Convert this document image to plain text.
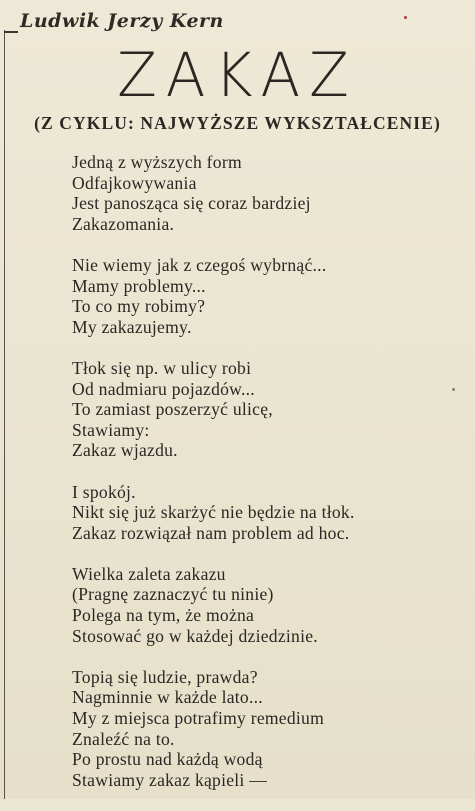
Ludwik Jerzy Kern
ZAKAZ
(Z CYKLU: NAJWYŻSZE WYKSZTAŁCENIE)
Jedną z wyższych form
Odfajkowywania
Jest panosząca się coraz bardziej
Zakazomania.
Nie wiemy jak z czegoś wybrnąć...
Mamy problemy...
To co my robimy?
My zakazujemy.
Tłok się np. w ulicy robi
Od nadmiaru pojazdów...
To zamiast poszerzyć ulicę,
Stawiamy:
Zakaz wjazdu.
I spokój.
Nikt się już skarżyć nie będzie na tłok.
Zakaz rozwiązał nam problem ad hoc.
Wielka zaleta zakazu
(Pragnę zaznaczyć tu ninie)
Polega na tym, że można
Stosować go w każdej dziedzinie.
Topią się ludzie, prawda?
Nagminnie w każde lato...
My z miejsca potrafimy remedium
Znaleźć na to.
Po prostu nad każdą wodą
Stawiamy zakaz kąpieli —
